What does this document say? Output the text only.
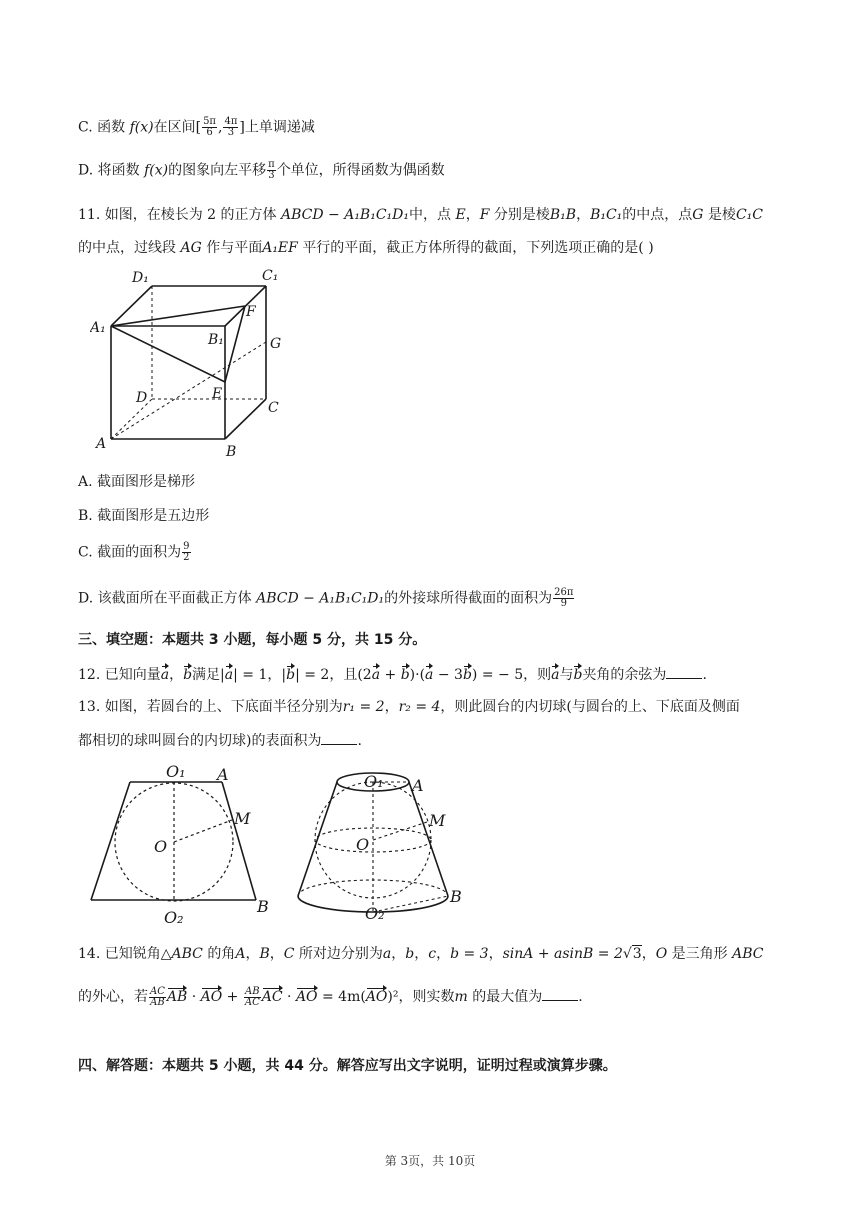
C. 函数 f(x)在区间[ $\frac{5\pi}{6}$ , $\frac{4\pi}{3}$ ]上单调递减
D. 将函数 f(x)的图象向左平移 $\frac{\pi}{3}$ 个单位，所得函数为偶函数
11. 如图，在棱长为 2 的正方体 ABCD − A₁B₁C₁D₁中，点 E，F 分别是棱B₁B，B₁C₁的中点，点G 是棱C₁C
的中点，过线段 AG 作与平面A₁EF 平行的平面，截正方体所得的截面，下列选项正确的是( )
D₁	C₁
A₁
B₁
F
G
E
D
C
A	B
A. 截面图形是梯形
B. 截面图形是五边形
C. 截面的面积为 $\frac{9}{2}$
D. 该截面所在平面截正方体 ABCD − A₁B₁C₁D₁的外接球所得截面的面积为 $\frac{26\pi}{9}$
三、填空题：本题共 3 小题，每小题 5 分，共 15 分。
12. 已知向量a，b满足|a| = 1，|b| = 2，且(2a + b)·(a − 3b) = − 5，则a与b夹角的余弦为	.
13. 如图，若圆台的上、下底面半径分别为r₁ = 2，r₂ = 4，则此圆台的内切球(与圆台的上、下底面及侧面
都相切的球叫圆台的内切球)的表面积为	.
O₁ A
M
O
O₂
B
O₁ A
M
O
O₂
B
14. 已知锐角△ABC 的角A，B，C 所对边分别为a，b，c，b = 3，sinA + asinB = 2√3，O 是三角形 ABC
的外心，若 $\frac{AC}{AB}$ AB · AO + $\frac{AB}{AC}$ AC · AO = 4m(AO)²，则实数m 的最大值为	.
四、解答题：本题共 5 小题，共 44 分。解答应写出文字说明，证明过程或演算步骤。
第 3页，共 10页
